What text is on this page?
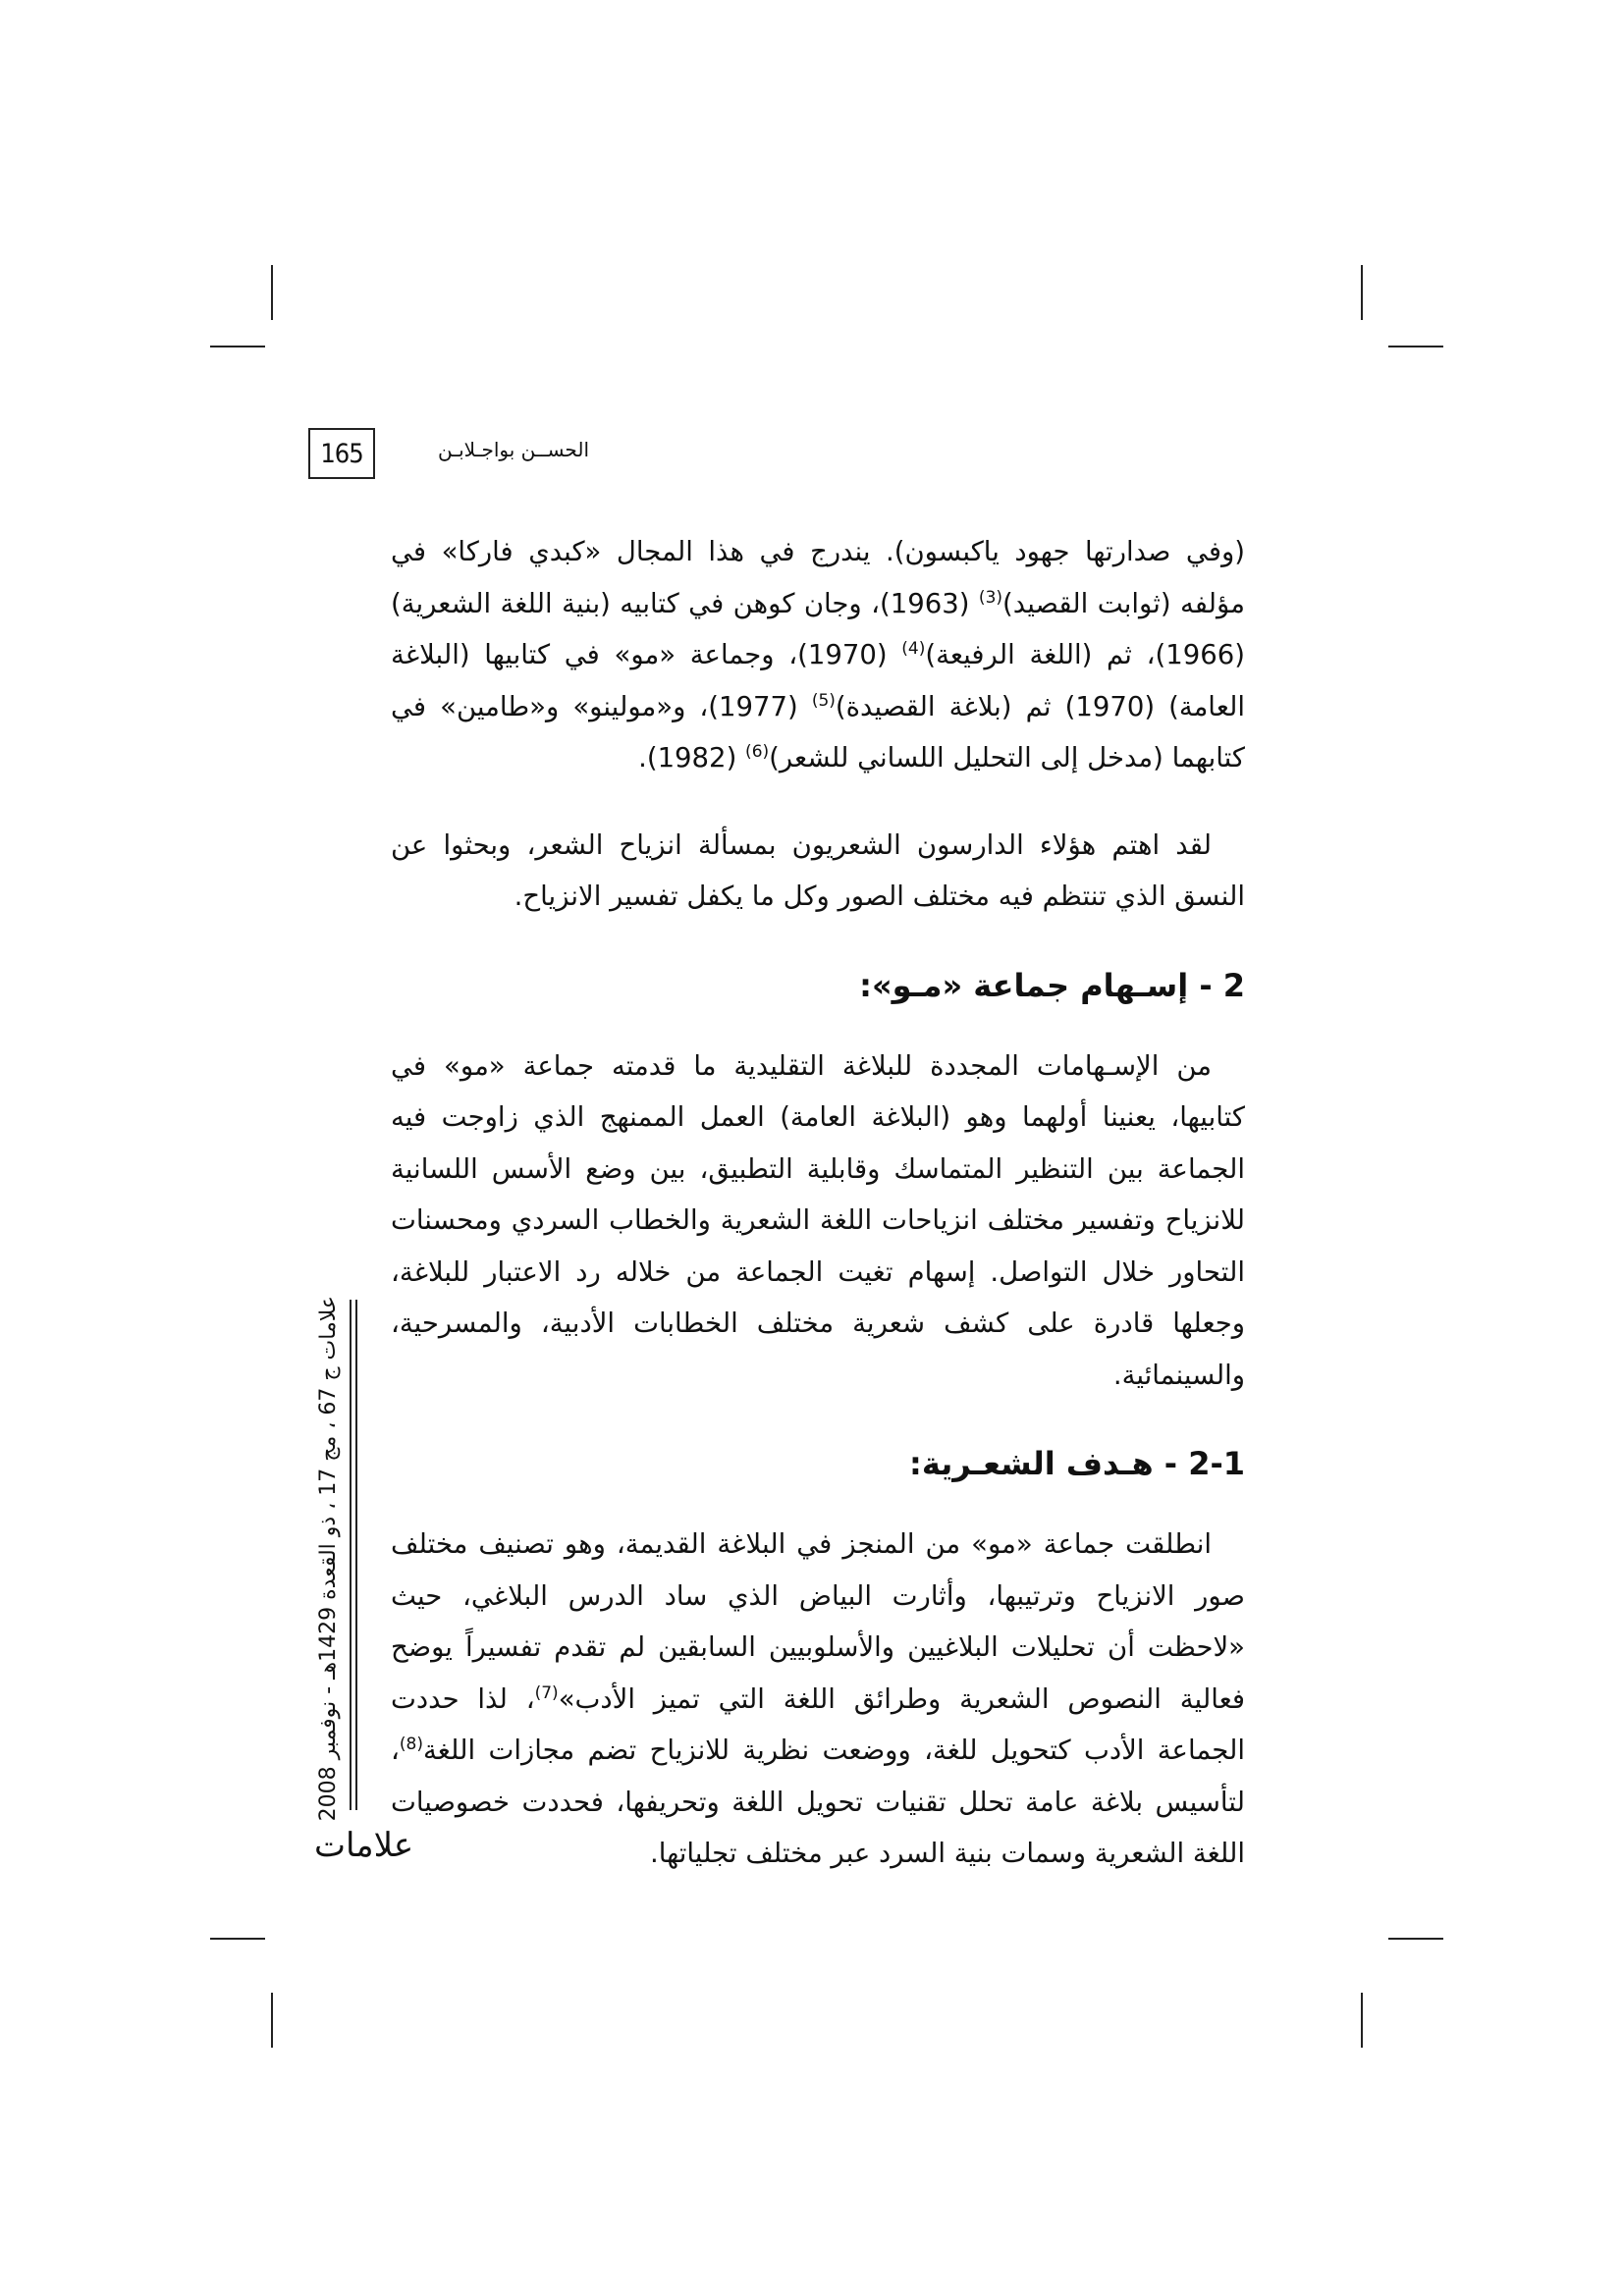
165	الحســن بواجـلابـن

(وفي صدارتها جهود ياكبسون). يندرج في هذا المجال «كبدي فاركا» في مؤلفه (ثوابت القصيد)$^{(3)}$ (1963)، وجان كوهن في كتابيه (بنية اللغة الشعرية) (1966)، ثم (اللغة الرفيعة)$^{(4)}$ (1970)، وجماعة «مو» في كتابيها (البلاغة العامة) (1970) ثم (بلاغة القصيدة)$^{(5)}$ (1977)، و«مولينو» و«طامين» في كتابهما (مدخل إلى التحليل اللساني للشعر)$^{(6)}$ (1982).

لقد اهتم هؤلاء الدارسون الشعريون بمسألة انزياح الشعر، وبحثوا عن النسق الذي تنتظم فيه مختلف الصور وكل ما يكفل تفسير الانزياح.

2 - إسـهام جماعة «مـو»:

من الإسـهامات المجددة للبلاغة التقليدية ما قدمته جماعة «مو» في كتابيها، يعنينا أولهما وهو (البلاغة العامة) العمل الممنهج الذي زاوجت فيه الجماعة بين التنظير المتماسك وقابلية التطبيق، بين وضع الأسس اللسانية للانزياح وتفسير مختلف انزياحات اللغة الشعرية والخطاب السردي ومحسنات التحاور خلال التواصل. إسهام تغيت الجماعة من خلاله رد الاعتبار للبلاغة، وجعلها قادرة على كشف شعرية مختلف الخطابات الأدبية، والمسرحية، والسينمائية.

2-1 - هـدف الشعـرية:

انطلقت جماعة «مو» من المنجز في البلاغة القديمة، وهو تصنيف مختلف صور الانزياح وترتيبها، وأثارت البياض الذي ساد الدرس البلاغي، حيث «لاحظت أن تحليلات البلاغيين والأسلوبيين السابقين لم تقدم تفسيراً يوضح فعالية النصوص الشعرية وطرائق اللغة التي تميز الأدب»$^{(7)}$، لذا حددت الجماعة الأدب كتحويل للغة، ووضعت نظرية للانزياح تضم مجازات اللغة$^{(8)}$، لتأسيس بلاغة عامة تحلل تقنيات تحويل اللغة وتحريفها، فحددت خصوصيات اللغة الشعرية وسمات بنية السرد عبر مختلف تجلياتها.

علامات ج 67 ، مج 17 ، ذو القعدة 1429هـ - نوفمبر 2008
علامات
